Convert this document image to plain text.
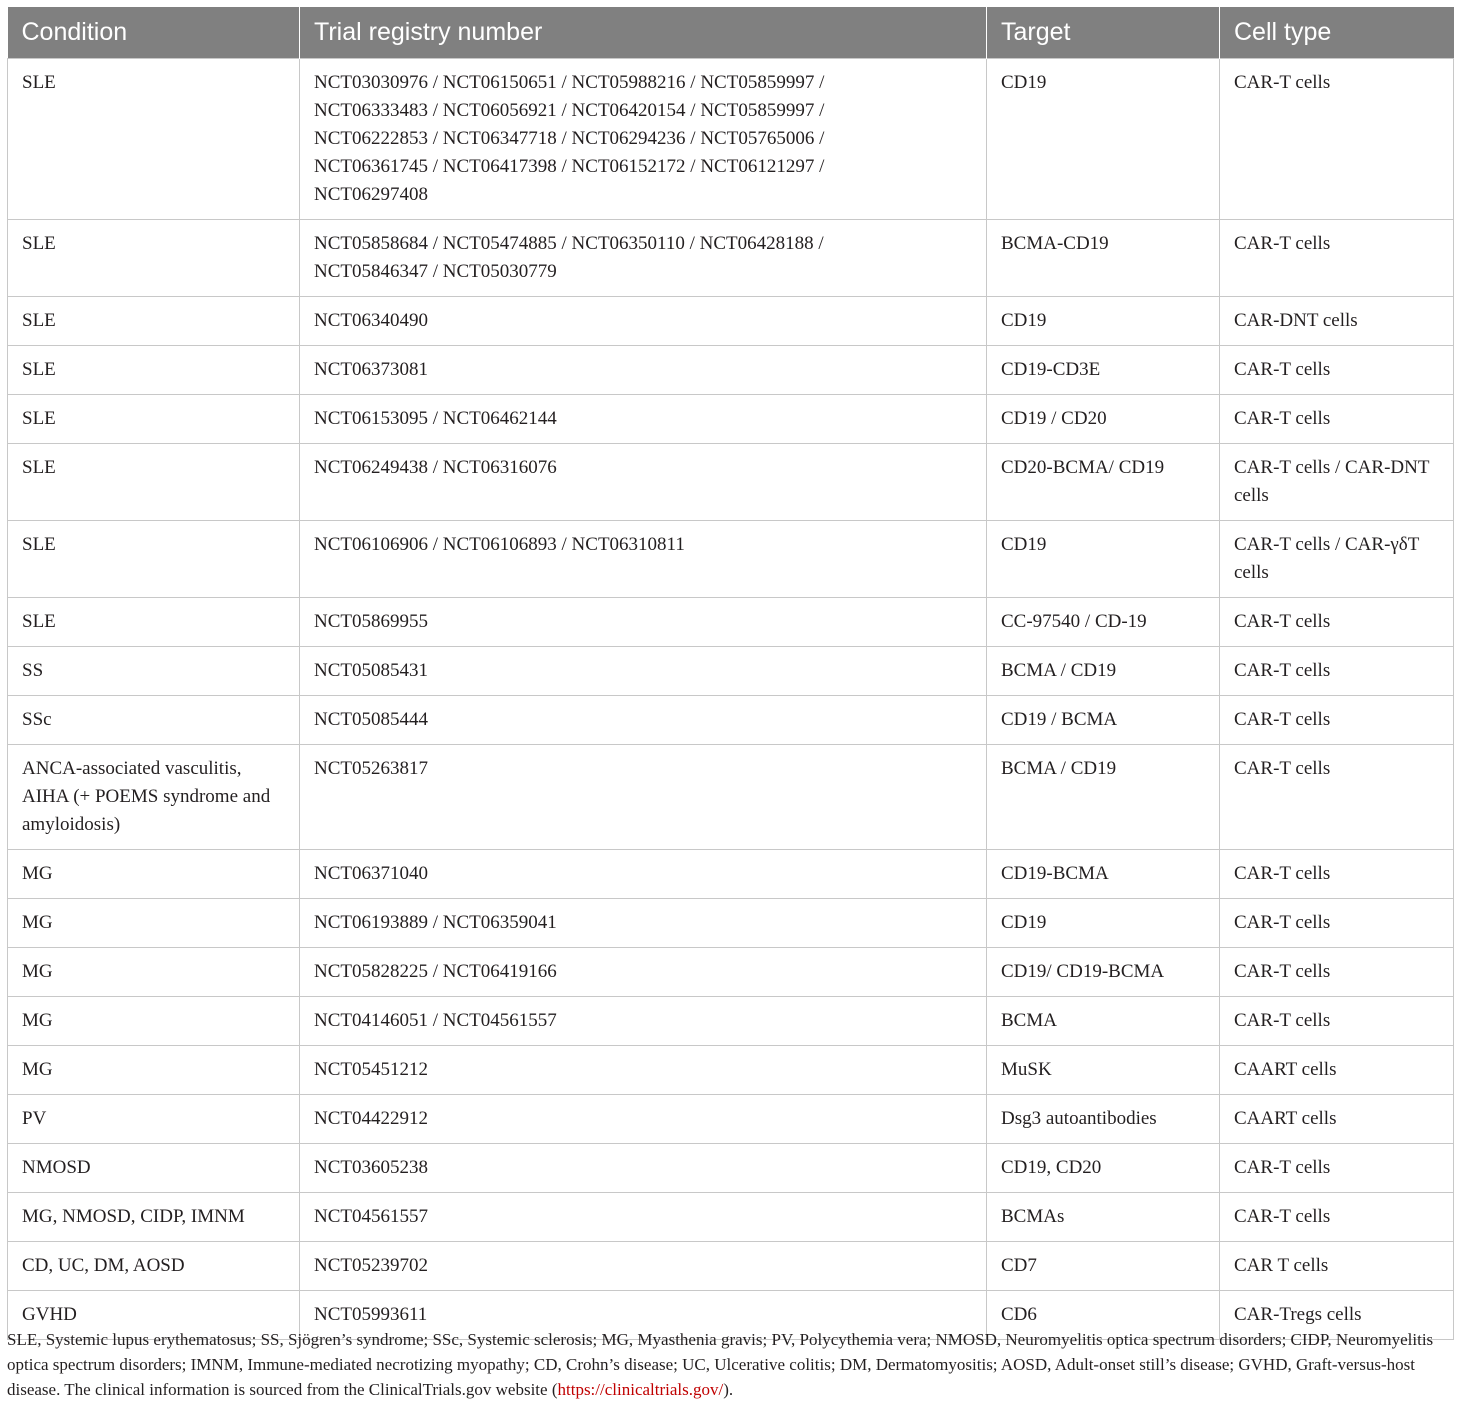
Condition	Trial registry number	Target	Cell type
SLE	NCT03030976 / NCT06150651 / NCT05988216 / NCT05859997 / NCT06333483 / NCT06056921 / NCT06420154 / NCT05859997 / NCT06222853 / NCT06347718 / NCT06294236 / NCT05765006 / NCT06361745 / NCT06417398 / NCT06152172 / NCT06121297 / NCT06297408	CD19	CAR-T cells
SLE	NCT05858684 / NCT05474885 / NCT06350110 / NCT06428188 / NCT05846347 / NCT05030779	BCMA-CD19	CAR-T cells
SLE	NCT06340490	CD19	CAR-DNT cells
SLE	NCT06373081	CD19-CD3E	CAR-T cells
SLE	NCT06153095 / NCT06462144	CD19 / CD20	CAR-T cells
SLE	NCT06249438 / NCT06316076	CD20-BCMA/ CD19	CAR-T cells / CAR-DNT cells
SLE	NCT06106906 / NCT06106893 / NCT06310811	CD19	CAR-T cells / CAR-γδT cells
SLE	NCT05869955	CC-97540 / CD-19	CAR-T cells
SS	NCT05085431	BCMA / CD19	CAR-T cells
SSc	NCT05085444	CD19 / BCMA	CAR-T cells
ANCA-associated vasculitis, AIHA (+ POEMS syndrome and amyloidosis)	NCT05263817	BCMA / CD19	CAR-T cells
MG	NCT06371040	CD19-BCMA	CAR-T cells
MG	NCT06193889 / NCT06359041	CD19	CAR-T cells
MG	NCT05828225 / NCT06419166	CD19/ CD19-BCMA	CAR-T cells
MG	NCT04146051 / NCT04561557	BCMA	CAR-T cells
MG	NCT05451212	MuSK	CAART cells
PV	NCT04422912	Dsg3 autoantibodies	CAART cells
NMOSD	NCT03605238	CD19, CD20	CAR-T cells
MG, NMOSD, CIDP, IMNM	NCT04561557	BCMAs	CAR-T cells
CD, UC, DM, AOSD	NCT05239702	CD7	CAR T cells
GVHD	NCT05993611	CD6	CAR-Tregs cells
SLE, Systemic lupus erythematosus; SS, Sjögren’s syndrome; SSc, Systemic sclerosis; MG, Myasthenia gravis; PV, Polycythemia vera; NMOSD, Neuromyelitis optica spectrum disorders; CIDP, Neuromyelitis optica spectrum disorders; IMNM, Immune-mediated necrotizing myopathy; CD, Crohn’s disease; UC, Ulcerative colitis; DM, Dermatomyositis; AOSD, Adult-onset still’s disease; GVHD, Graft-versus-host disease. The clinical information is sourced from the ClinicalTrials.gov website (https://clinicaltrials.gov/).
